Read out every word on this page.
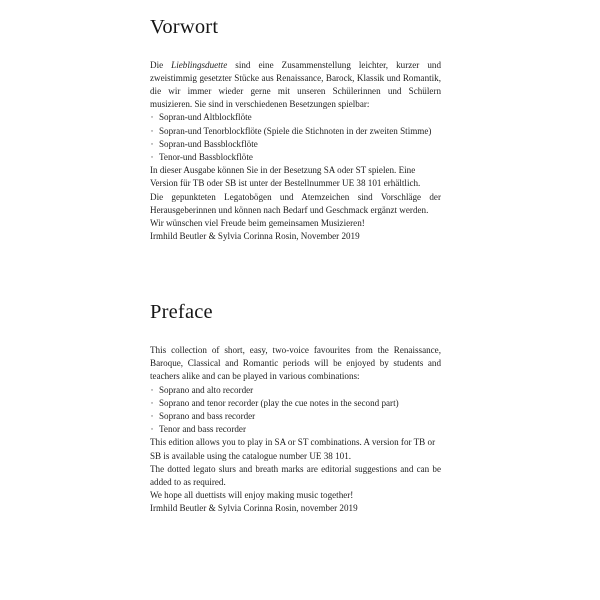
Vorwort

Die Lieblingsduette sind eine Zusammenstellung leichter, kurzer und zweistimmig gesetzter Stücke aus Renaissance, Barock, Klassik und Romantik, die wir immer wieder gerne mit unseren Schülerinnen und Schülern musizieren. Sie sind in verschiedenen Besetzungen spielbar:

· Sopran-und Altblockflöte
· Sopran-und Tenorblockflöte (Spiele die Stichnoten in der zweiten Stimme)
· Sopran-und Bassblockflöte
· Tenor-und Bassblockflöte

In dieser Ausgabe können Sie in der Besetzung SA oder ST spielen. Eine Version für TB oder SB ist unter der Bestellnummer UE 38 101 erhältlich.

Die gepunkteten Legatobögen und Atemzeichen sind Vorschläge der Herausgeberinnen und können nach Bedarf und Geschmack ergänzt werden.

Wir wünschen viel Freude beim gemeinsamen Musizieren!

Irmhild Beutler & Sylvia Corinna Rosin, November 2019

Preface

This collection of short, easy, two-voice favourites from the Renaissance, Baroque, Classical and Romantic periods will be enjoyed by students and teachers alike and can be played in various combinations:

· Soprano and alto recorder
· Soprano and tenor recorder (play the cue notes in the second part)
· Soprano and bass recorder
· Tenor and bass recorder

This edition allows you to play in SA or ST combinations. A version for TB or SB is available using the catalogue number UE 38 101.

The dotted legato slurs and breath marks are editorial suggestions and can be added to as required.

We hope all duettists will enjoy making music together!

Irmhild Beutler & Sylvia Corinna Rosin, november 2019
